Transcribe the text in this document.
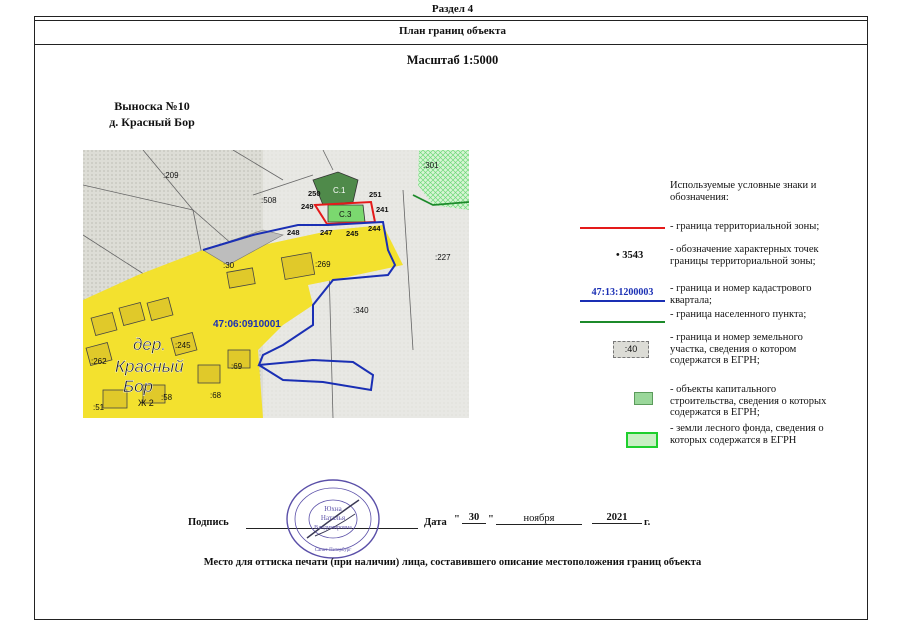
Раздел 4
План границ объекта
Масштаб 1:5000
Выноска №10
д. Красный Бор
:209
:508
:301
:227
:269
:30
:340
:245
:262
:69
:68
:58
:51
250	251
249	241
248	247 245
244
С.1
С.3
47:06:0910001
дер.
Красный
Бор
Ж 2
Используемые условные знаки и обозначения:
- граница территориальной зоны;
• 3543
- обозначение характерных точек границы территориальной зоны;
47:13:1200003	- граница и номер кадастрового квартала;
- граница населенного пункта;
:40
- граница и номер земельного участка, сведения о котором содержатся в ЕГРН;
- объекты капитального строительства, сведения о которых содержатся в ЕГРН;
- земли лесного фонда, сведения о которых содержатся в ЕГРН
Подпись
Юхна
Наталья
Владимировна
Санкт-Петербург
Дата " 30 "	ноября	2021	г.
Место для оттиска печати (при наличии) лица, составившего описание местоположения границ объекта
